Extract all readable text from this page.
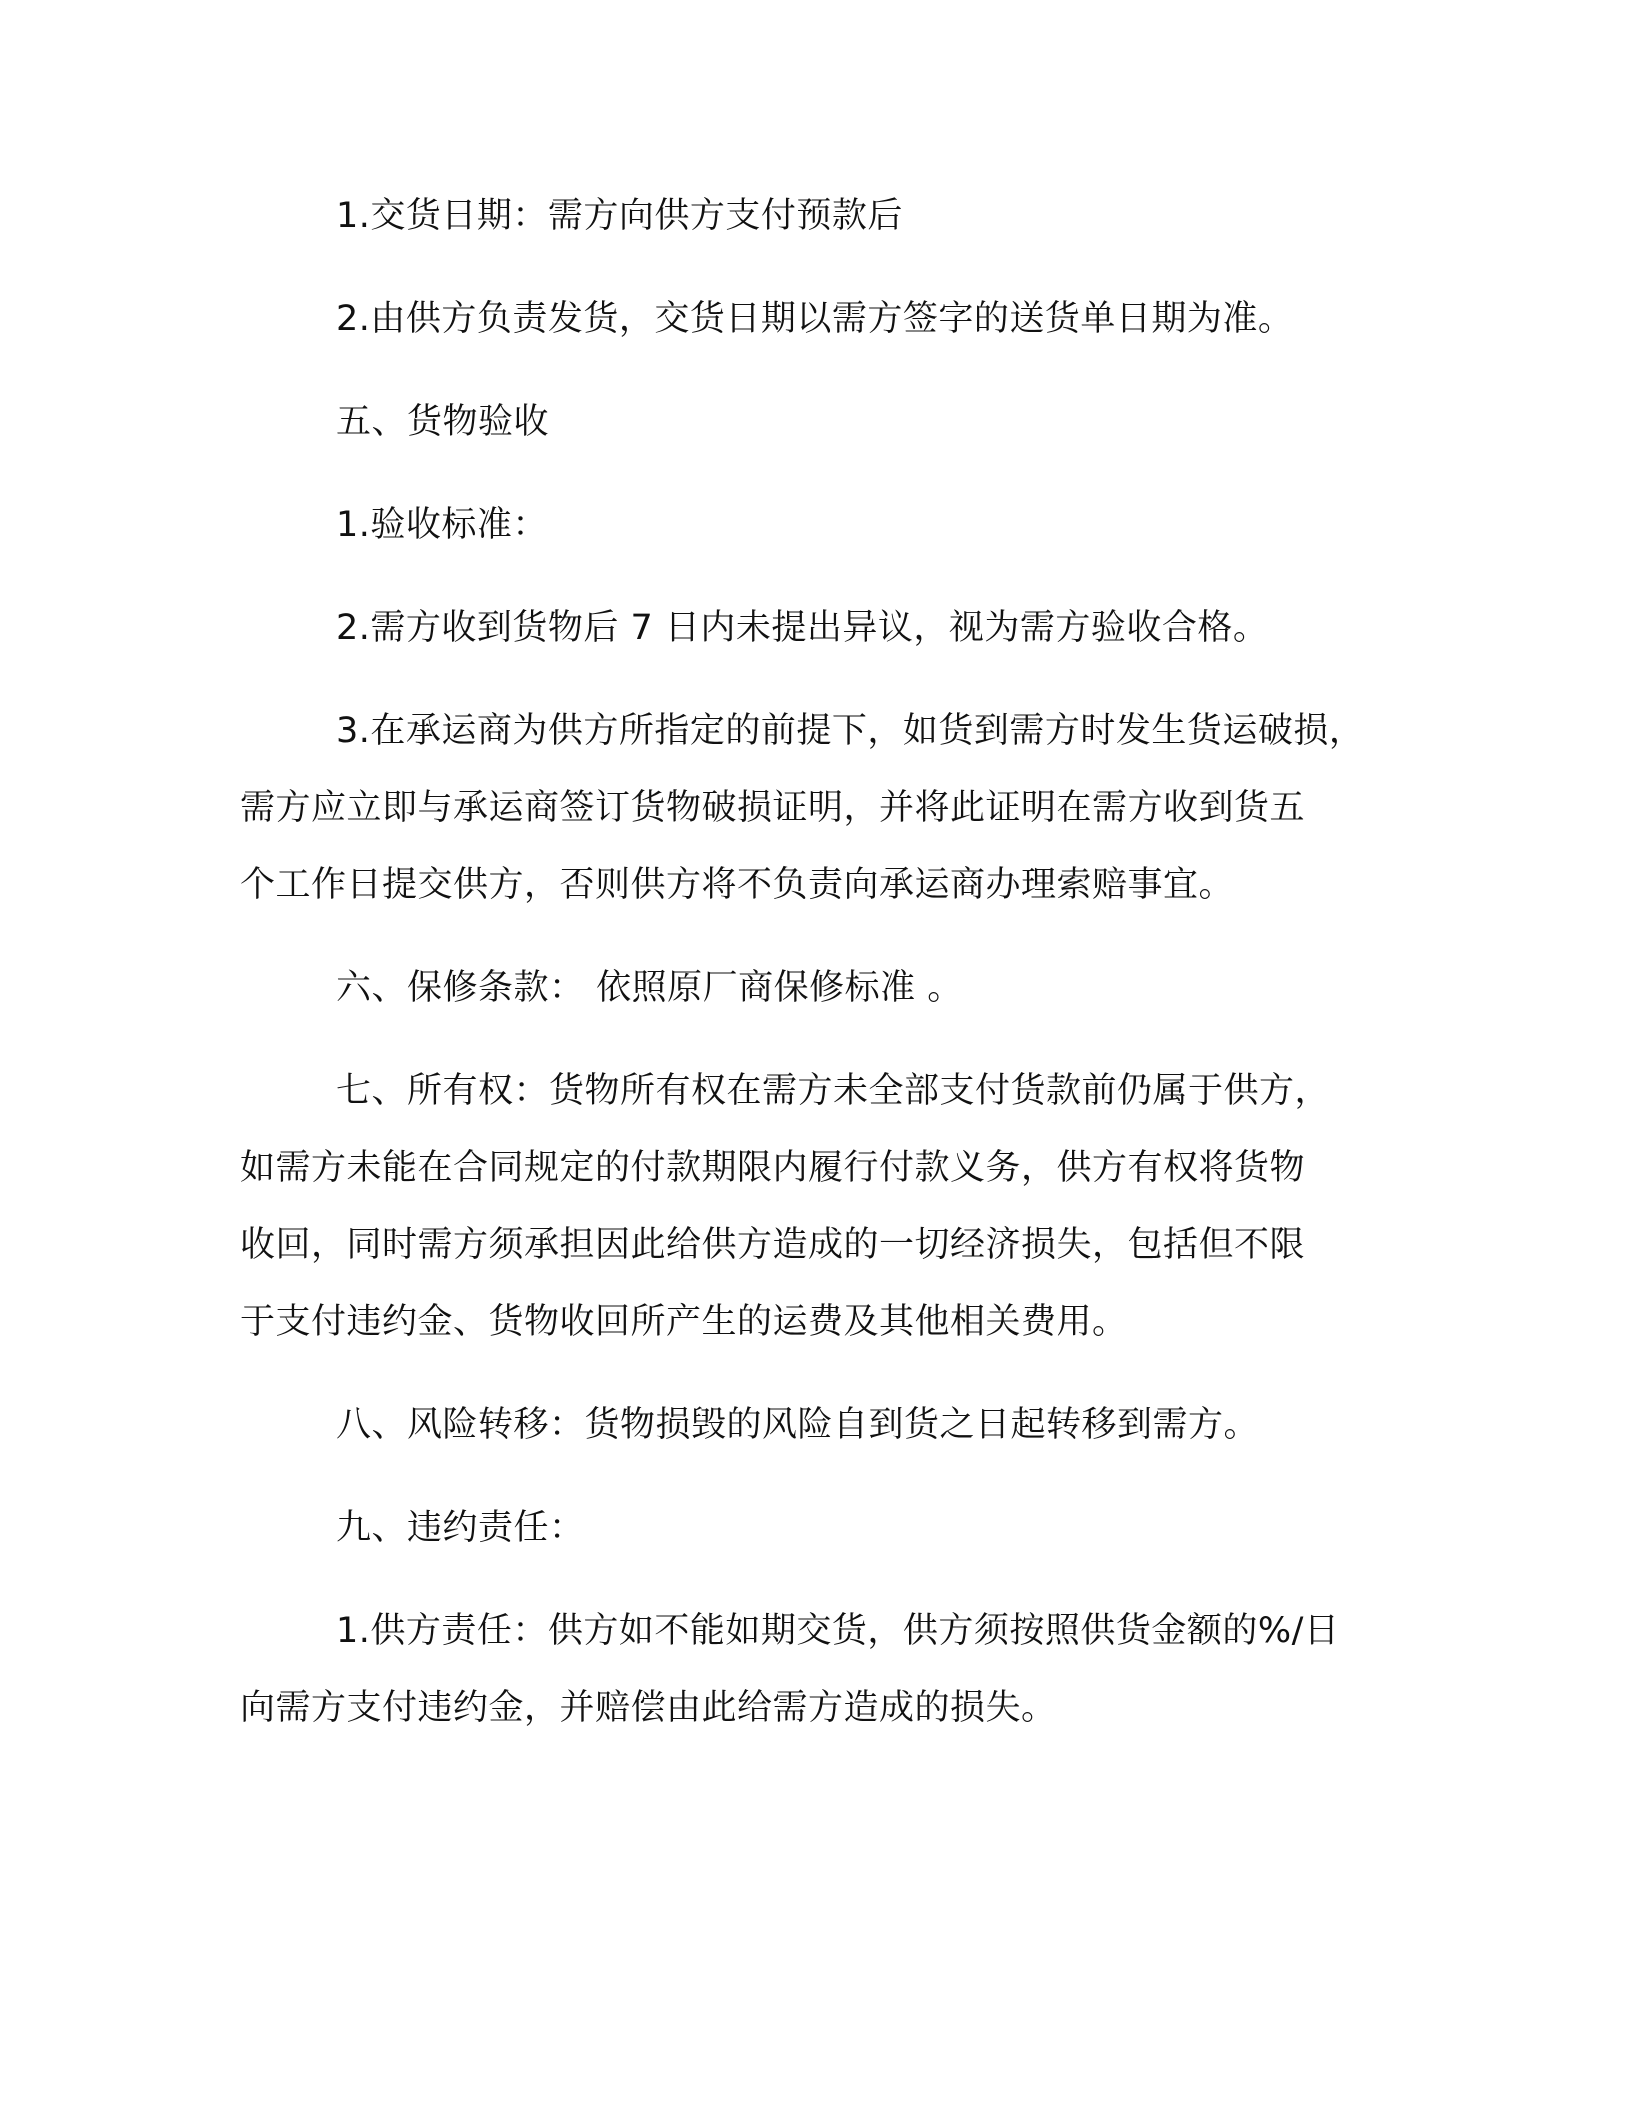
1.交货日期：需方向供方支付预款后
2.由供方负责发货，交货日期以需方签字的送货单日期为准。
五、货物验收
1.验收标准：
2.需方收到货物后 7 日内未提出异议，视为需方验收合格。
3.在承运商为供方所指定的前提下，如货到需方时发生货运破损，
需方应立即与承运商签订货物破损证明，并将此证明在需方收到货五
个工作日提交供方，否则供方将不负责向承运商办理索赔事宜。
六、保修条款： 依照原厂商保修标准 。
七、所有权：货物所有权在需方未全部支付货款前仍属于供方，
如需方未能在合同规定的付款期限内履行付款义务，供方有权将货物
收回，同时需方须承担因此给供方造成的一切经济损失，包括但不限
于支付违约金、货物收回所产生的运费及其他相关费用。
八、风险转移：货物损毁的风险自到货之日起转移到需方。
九、违约责任：
1.供方责任：供方如不能如期交货，供方须按照供货金额的%/日
向需方支付违约金，并赔偿由此给需方造成的损失。
